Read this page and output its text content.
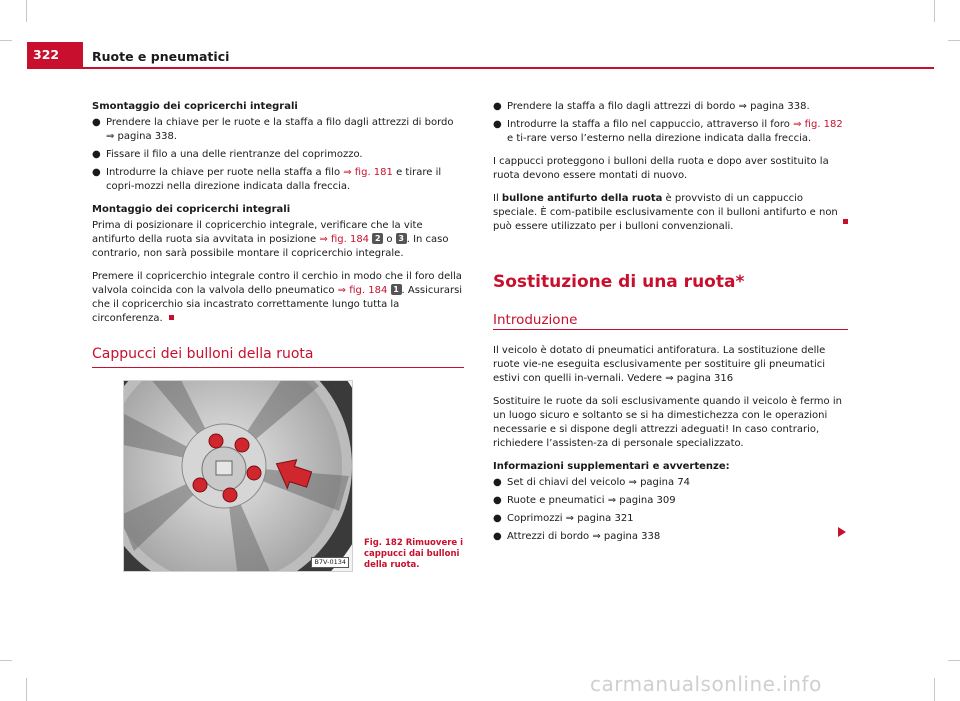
322	Ruote e pneumatici

Smontaggio dei copricerchi integrali

● Prendere la chiave per le ruote e la staffa a filo dagli attrezzi di bordo
⇒ pagina 338.
● Fissare il filo a una delle rientranze del coprimozzo.
● Introdurre la chiave per ruote nella staffa a filo ⇒ fig. 181 e tirare il copri-mozzi nella direzione indicata dalla freccia.

Montaggio dei copricerchi integrali

Prima di posizionare il copricerchio integrale, verificare che la vite antifurto della ruota sia avvitata in posizione ⇒ fig. 184 2 o 3 . In caso contrario, non sarà possibile montare il copricerchio integrale.

Premere il copricerchio integrale contro il cerchio in modo che il foro della valvola coincida con la valvola dello pneumatico ⇒ fig. 184 1 . Assicurarsi che il copricerchio sia incastrato correttamente lungo tutta la circonferenza.

Cappucci dei bulloni della ruota
B7V-0134
Fig. 182 Rimuovere i cappucci dai bulloni della ruota.
● Prendere la staffa a filo dagli attrezzi di bordo ⇒ pagina 338.
● Introdurre la staffa a filo nel cappuccio, attraverso il foro ⇒ fig. 182 e ti-rare verso l’esterno nella direzione indicata dalla freccia.

I cappucci proteggono i bulloni della ruota e dopo aver sostituito la ruota devono essere montati di nuovo.

Il bullone antifurto della ruota è provvisto di un cappuccio speciale. È com-patibile esclusivamente con il bulloni antifurto e non può essere utilizzato per i bulloni convenzionali.

Sostituzione di una ruota*
Introduzione

Il veicolo è dotato di pneumatici antiforatura. La sostituzione delle ruote vie-ne eseguita esclusivamente per sostituire gli pneumatici estivi con quelli in-vernali. Vedere ⇒ pagina 316

Sostituire le ruote da soli esclusivamente quando il veicolo è fermo in un luogo sicuro e soltanto se si ha dimestichezza con le operazioni necessarie e si dispone degli attrezzi adeguati! In caso contrario, richiedere l’assisten-za di personale specializzato.

Informazioni supplementari e avvertenze:

● Set di chiavi del veicolo ⇒ pagina 74
● Ruote e pneumatici ⇒ pagina 309
● Coprimozzi ⇒ pagina 321
● Attrezzi di bordo ⇒ pagina 338
carmanualsonline.info
